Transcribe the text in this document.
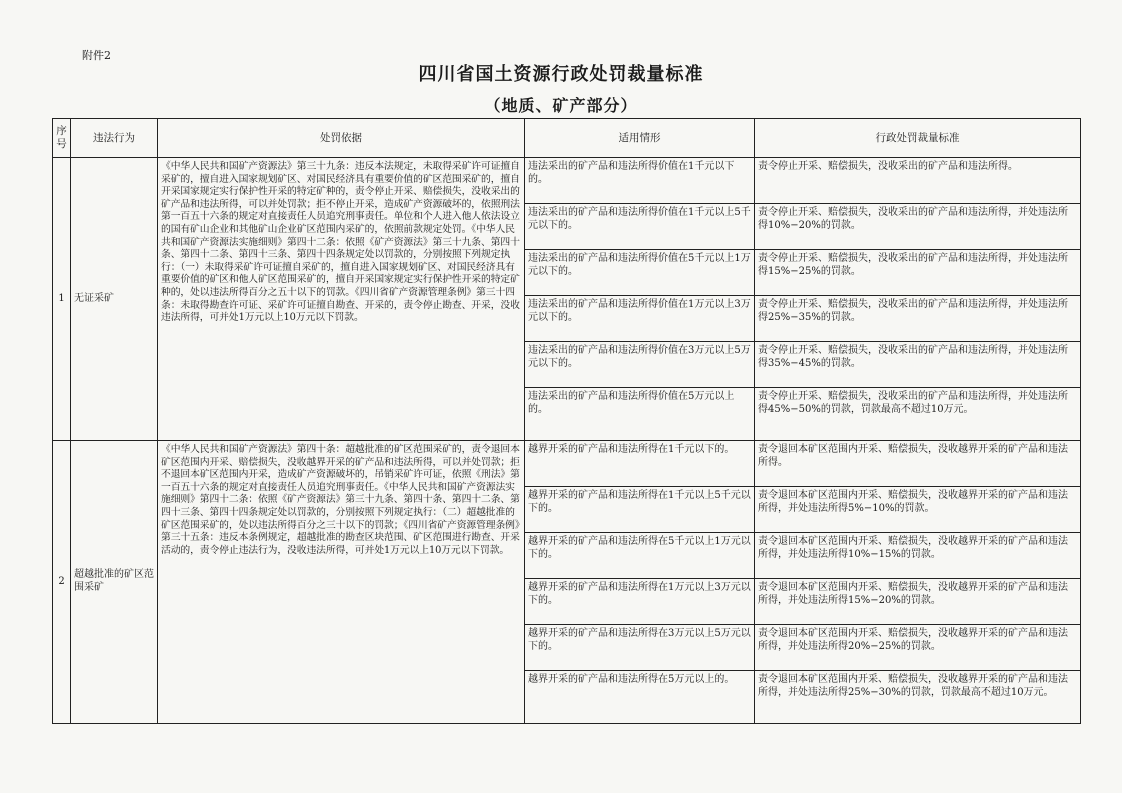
附件2
四川省国土资源行政处罚裁量标准
（地质、矿产部分）
序号	违法行为	处罚依据	适用情形	行政处罚裁量标准
1	无证采矿	《中华人民共和国矿产资源法》第三十九条：违反本法规定，未取得采矿许可证擅自采矿的，擅自进入国家规划矿区、对国民经济具有重要价值的矿区范围采矿的，擅自开采国家规定实行保护性开采的特定矿种的，责令停止开采、赔偿损失，没收采出的矿产品和违法所得，可以并处罚款；拒不停止开采，造成矿产资源破坏的，依照刑法第一百五十六条的规定对直接责任人员追究刑事责任。单位和个人进入他人依法设立的国有矿山企业和其他矿山企业矿区范围内采矿的，依照前款规定处罚。《中华人民共和国矿产资源法实施细则》第四十二条：依照《矿产资源法》第三十九条、第四十条、第四十二条、第四十三条、第四十四条规定处以罚款的，分别按照下列规定执行：（一）未取得采矿许可证擅自采矿的，擅自进入国家规划矿区、对国民经济具有重要价值的矿区和他人矿区范围采矿的，擅自开采国家规定实行保护性开采的特定矿种的，处以违法所得百分之五十以下的罚款。《四川省矿产资源管理条例》第三十四条：未取得勘查许可证、采矿许可证擅自勘查、开采的，责令停止勘查、开采，没收违法所得，可并处1万元以上10万元以下罚款。	违法采出的矿产品和违法所得价值在1千元以下的。	责令停止开采、赔偿损失，没收采出的矿产品和违法所得。
			违法采出的矿产品和违法所得价值在1千元以上5千元以下的。	责令停止开采、赔偿损失，没收采出的矿产品和违法所得，并处违法所得10%−20%的罚款。
			违法采出的矿产品和违法所得价值在5千元以上1万元以下的。	责令停止开采、赔偿损失，没收采出的矿产品和违法所得，并处违法所得15%−25%的罚款。
			违法采出的矿产品和违法所得价值在1万元以上3万元以下的。	责令停止开采、赔偿损失，没收采出的矿产品和违法所得，并处违法所得25%−35%的罚款。
			违法采出的矿产品和违法所得价值在3万元以上5万元以下的。	责令停止开采、赔偿损失，没收采出的矿产品和违法所得，并处违法所得35%−45%的罚款。
			违法采出的矿产品和违法所得价值在5万元以上的。	责令停止开采、赔偿损失，没收采出的矿产品和违法所得，并处违法所得45%−50%的罚款，罚款最高不超过10万元。
2	超越批准的矿区范围采矿	《中华人民共和国矿产资源法》第四十条：超越批准的矿区范围采矿的，责令退回本矿区范围内开采、赔偿损失，没收越界开采的矿产品和违法所得，可以并处罚款；拒不退回本矿区范围内开采，造成矿产资源破坏的，吊销采矿许可证，依照《刑法》第一百五十六条的规定对直接责任人员追究刑事责任。《中华人民共和国矿产资源法实施细则》第四十二条：依照《矿产资源法》第三十九条、第四十条、第四十二条、第四十三条、第四十四条规定处以罚款的，分别按照下列规定执行：（二）超越批准的矿区范围采矿的，处以违法所得百分之三十以下的罚款；《四川省矿产资源管理条例》第三十五条：违反本条例规定，超越批准的勘查区块范围、矿区范围进行勘查、开采活动的，责令停止违法行为，没收违法所得，可并处1万元以上10万元以下罚款。	越界开采的矿产品和违法所得在1千元以下的。	责令退回本矿区范围内开采、赔偿损失，没收越界开采的矿产品和违法所得。
			越界开采的矿产品和违法所得在1千元以上5千元以下的。	责令退回本矿区范围内开采、赔偿损失，没收越界开采的矿产品和违法所得，并处违法所得5%−10%的罚款。
			越界开采的矿产品和违法所得在5千元以上1万元以下的。	责令退回本矿区范围内开采、赔偿损失，没收越界开采的矿产品和违法所得，并处违法所得10%−15%的罚款。
			越界开采的矿产品和违法所得在1万元以上3万元以下的。	责令退回本矿区范围内开采、赔偿损失，没收越界开采的矿产品和违法所得，并处违法所得15%−20%的罚款。
			越界开采的矿产品和违法所得在3万元以上5万元以下的。	责令退回本矿区范围内开采、赔偿损失，没收越界开采的矿产品和违法所得，并处违法所得20%−25%的罚款。
			越界开采的矿产品和违法所得在5万元以上的。	责令退回本矿区范围内开采、赔偿损失，没收越界开采的矿产品和违法所得，并处违法所得25%−30%的罚款，罚款最高不超过10万元。
